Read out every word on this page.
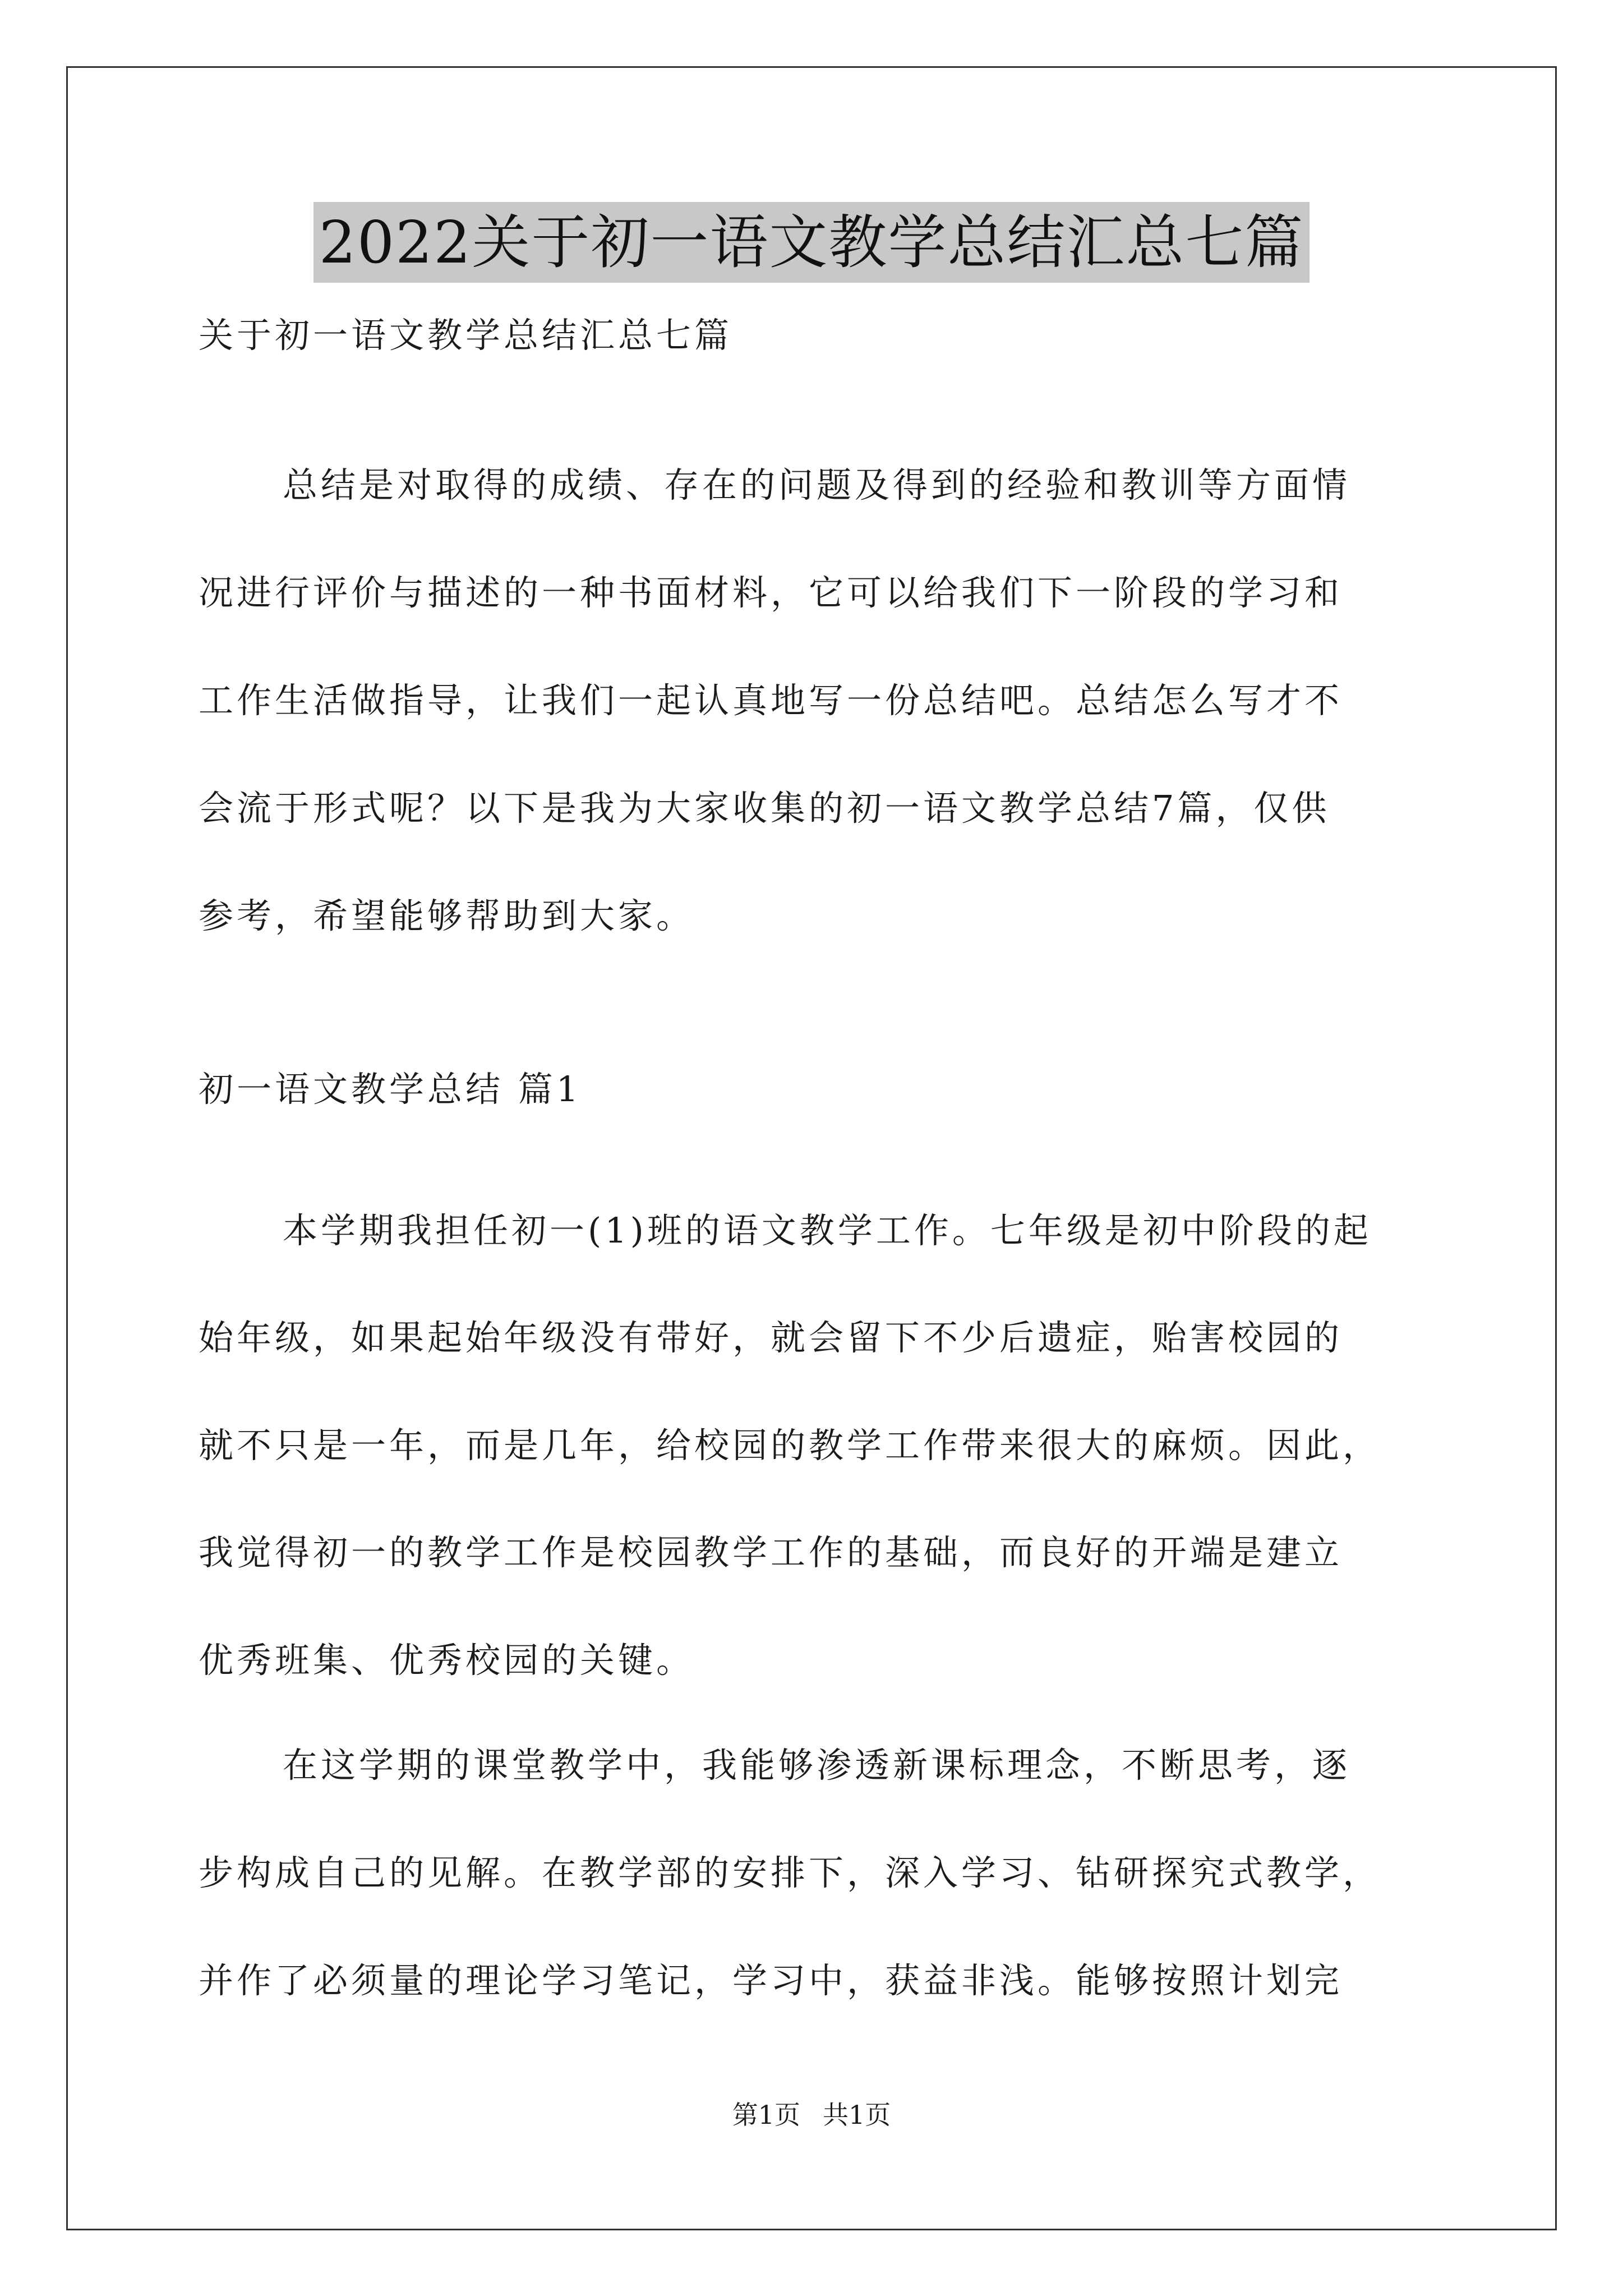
2022关于初一语文教学总结汇总七篇
关于初一语文教学总结汇总七篇
总结是对取得的成绩、存在的问题及得到的经验和教训等方面情
况进行评价与描述的一种书面材料，它可以给我们下一阶段的学习和
工作生活做指导，让我们一起认真地写一份总结吧。总结怎么写才不
会流于形式呢？以下是我为大家收集的初一语文教学总结7篇，仅供
参考，希望能够帮助到大家。
初一语文教学总结 篇1
本学期我担任初一(1)班的语文教学工作。七年级是初中阶段的起
始年级，如果起始年级没有带好，就会留下不少后遗症，贻害校园的
就不只是一年，而是几年，给校园的教学工作带来很大的麻烦。因此，
我觉得初一的教学工作是校园教学工作的基础，而良好的开端是建立
优秀班集、优秀校园的关键。
在这学期的课堂教学中，我能够渗透新课标理念，不断思考，逐
步构成自己的见解。在教学部的安排下，深入学习、钻研探究式教学，
并作了必须量的理论学习笔记，学习中，获益非浅。能够按照计划完
第1页 共1页
